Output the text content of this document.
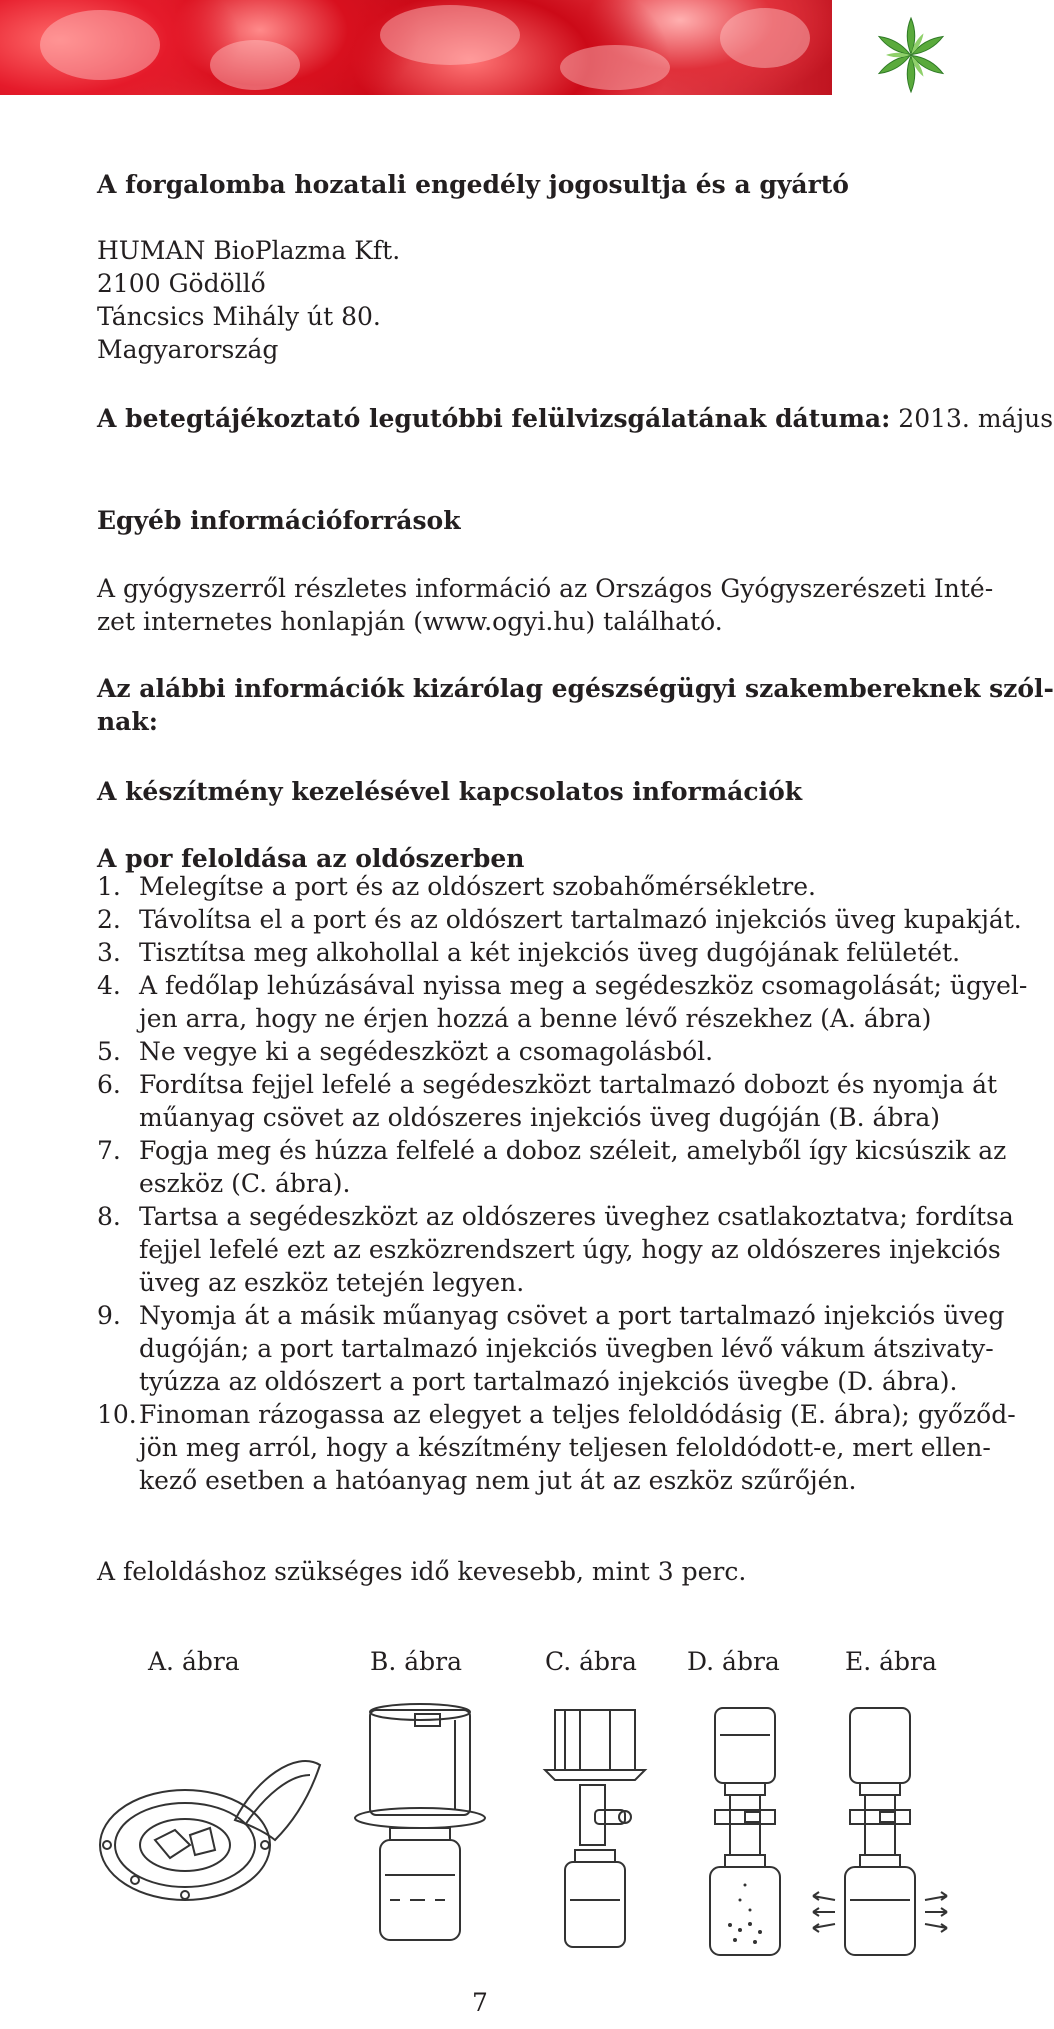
A forgalomba hozatali engedély jogosultja és a gyártó
HUMAN BioPlazma Kft.
2100 Gödöllő
Táncsics Mihály út 80.
Magyarország
A betegtájékoztató legutóbbi felülvizsgálatának dátuma: 2013. május
Egyéb információforrások
A gyógyszerről részletes információ az Országos Gyógyszerészeti Inté-
zet internetes honlapján (www.ogyi.hu) található.
Az alábbi információk kizárólag egészségügyi szakembereknek szól-
nak:
A készítmény kezelésével kapcsolatos információk
A por feloldása az oldószerben
1. Melegítse a port és az oldószert szobahőmérsékletre.
2. Távolítsa el a port és az oldószert tartalmazó injekciós üveg kupakját.
3. Tisztítsa meg alkohollal a két injekciós üveg dugójának felületét.
4. A fedőlap lehúzásával nyissa meg a segédeszköz csomagolását; ügyel-
jen arra, hogy ne érjen hozzá a benne lévő részekhez (A. ábra)
5. Ne vegye ki a segédeszközt a csomagolásból.
6. Fordítsa fejjel lefelé a segédeszközt tartalmazó dobozt és nyomja át
műanyag csövet az oldószeres injekciós üveg dugóján (B. ábra)
7. Fogja meg és húzza felfelé a doboz széleit, amelyből így kicsúszik az
eszköz (C. ábra).
8. Tartsa a segédeszközt az oldószeres üveghez csatlakoztatva; fordítsa
fejjel lefelé ezt az eszközrendszert úgy, hogy az oldószeres injekciós
üveg az eszköz tetején legyen.
9. Nyomja át a másik műanyag csövet a port tartalmazó injekciós üveg
dugóján; a port tartalmazó injekciós üvegben lévő vákum átszivaty-
tyúzza az oldószert a port tartalmazó injekciós üvegbe (D. ábra).
10. Finoman rázogassa az elegyet a teljes feloldódásig (E. ábra); győződ-
jön meg arról, hogy a készítmény teljesen feloldódott-e, mert ellen-
kező esetben a hatóanyag nem jut át az eszköz szűrőjén.
A feloldáshoz szükséges idő kevesebb, mint 3 perc.
A. ábra	B. ábra	C. ábra D. ábra	E. ábra
7
